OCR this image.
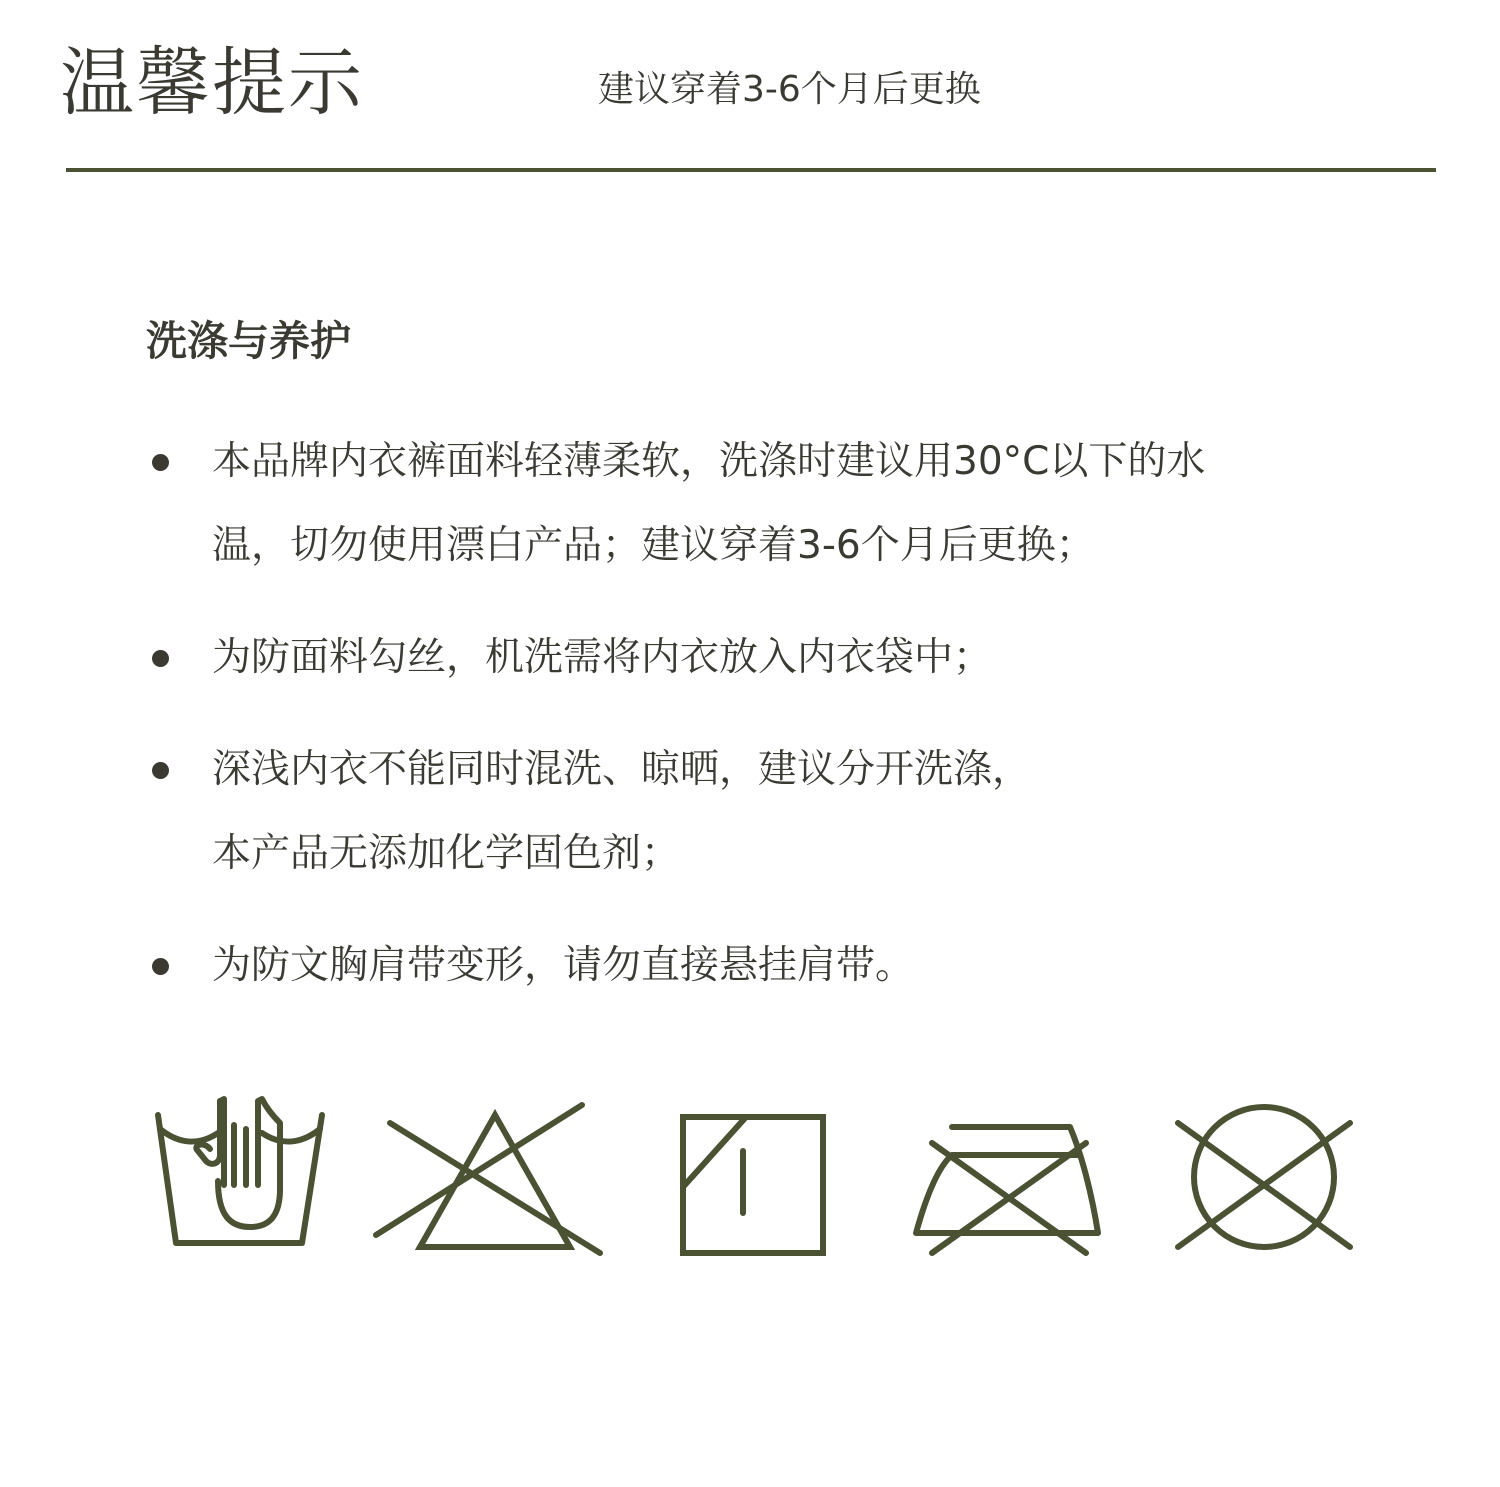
温馨提示	建议穿着3-6个月后更换
洗涤与养护
本品牌内衣裤面料轻薄柔软，洗涤时建议用30°C以下的水
温，切勿使用漂白产品；建议穿着3-6个月后更换；
为防面料勾丝，机洗需将内衣放入内衣袋中；
深浅内衣不能同时混洗、晾晒，建议分开洗涤，
本产品无添加化学固色剂；
为防文胸肩带变形，请勿直接悬挂肩带。
